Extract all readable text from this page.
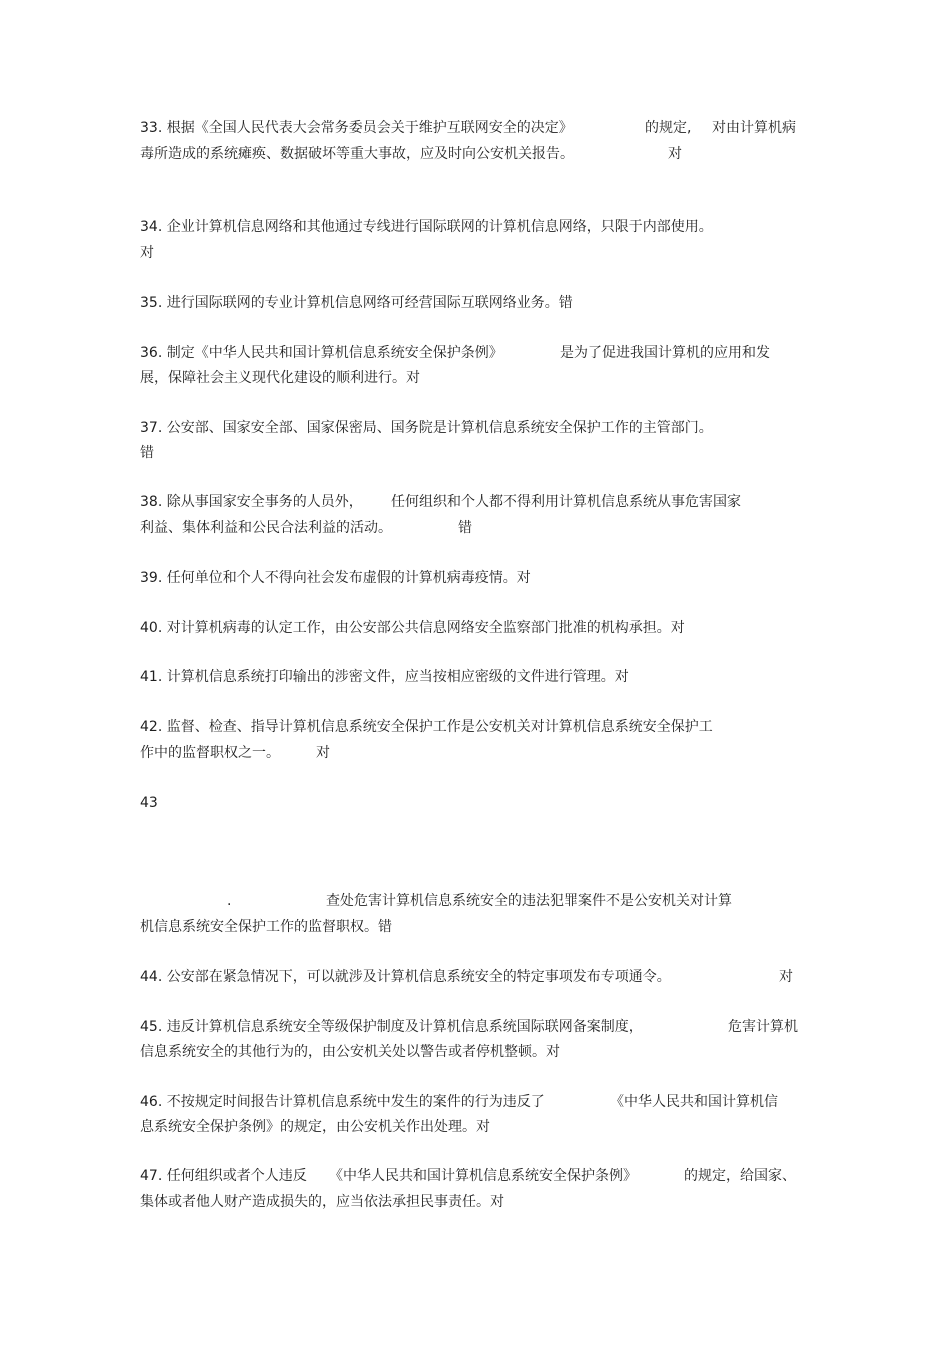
33. 根据《全国人民代表大会常务委员会关于维护互联网安全的决定》	的规定, 对由计算机病
毒所造成的系统瘫痪、数据破坏等重大事故，应及时向公安机关报告。	对
34. 企业计算机信息网络和其他通过专线进行国际联网的计算机信息网络，只限于内部使用。
对
35. 进行国际联网的专业计算机信息网络可经营国际互联网络业务。错
36. 制定《中华人民共和国计算机信息系统安全保护条例》	是为了促进我国计算机的应用和发
展，保障社会主义现代化建设的顺利进行。对
37. 公安部、国家安全部、国家保密局、国务院是计算机信息系统安全保护工作的主管部门。
错
38. 除从事国家安全事务的人员外， 任何组织和个人都不得利用计算机信息系统从事危害国家
利益、集体利益和公民合法利益的活动。	错
39. 任何单位和个人不得向社会发布虚假的计算机病毒疫情。对
40. 对计算机病毒的认定工作，由公安部公共信息网络安全监察部门批准的机构承担。对
41. 计算机信息系统打印输出的涉密文件，应当按相应密级的文件进行管理。对
42. 监督、检查、指导计算机信息系统安全保护工作是公安机关对计算机信息系统安全保护工
作中的监督职权之一。	对
43
.	查处危害计算机信息系统安全的违法犯罪案件不是公安机关对计算
机信息系统安全保护工作的监督职权。错
44. 公安部在紧急情况下，可以就涉及计算机信息系统安全的特定事项发布专项通令。	对
45. 违反计算机信息系统安全等级保护制度及计算机信息系统国际联网备案制度，	危害计算机
信息系统安全的其他行为的，由公安机关处以警告或者停机整顿。对
46. 不按规定时间报告计算机信息系统中发生的案件的行为违反了	《中华人民共和国计算机信
息系统安全保护条例》的规定，由公安机关作出处理。对
47. 任何组织或者个人违反 《中华人民共和国计算机信息系统安全保护条例》	的规定，给国家、
集体或者他人财产造成损失的，应当依法承担民事责任。对
